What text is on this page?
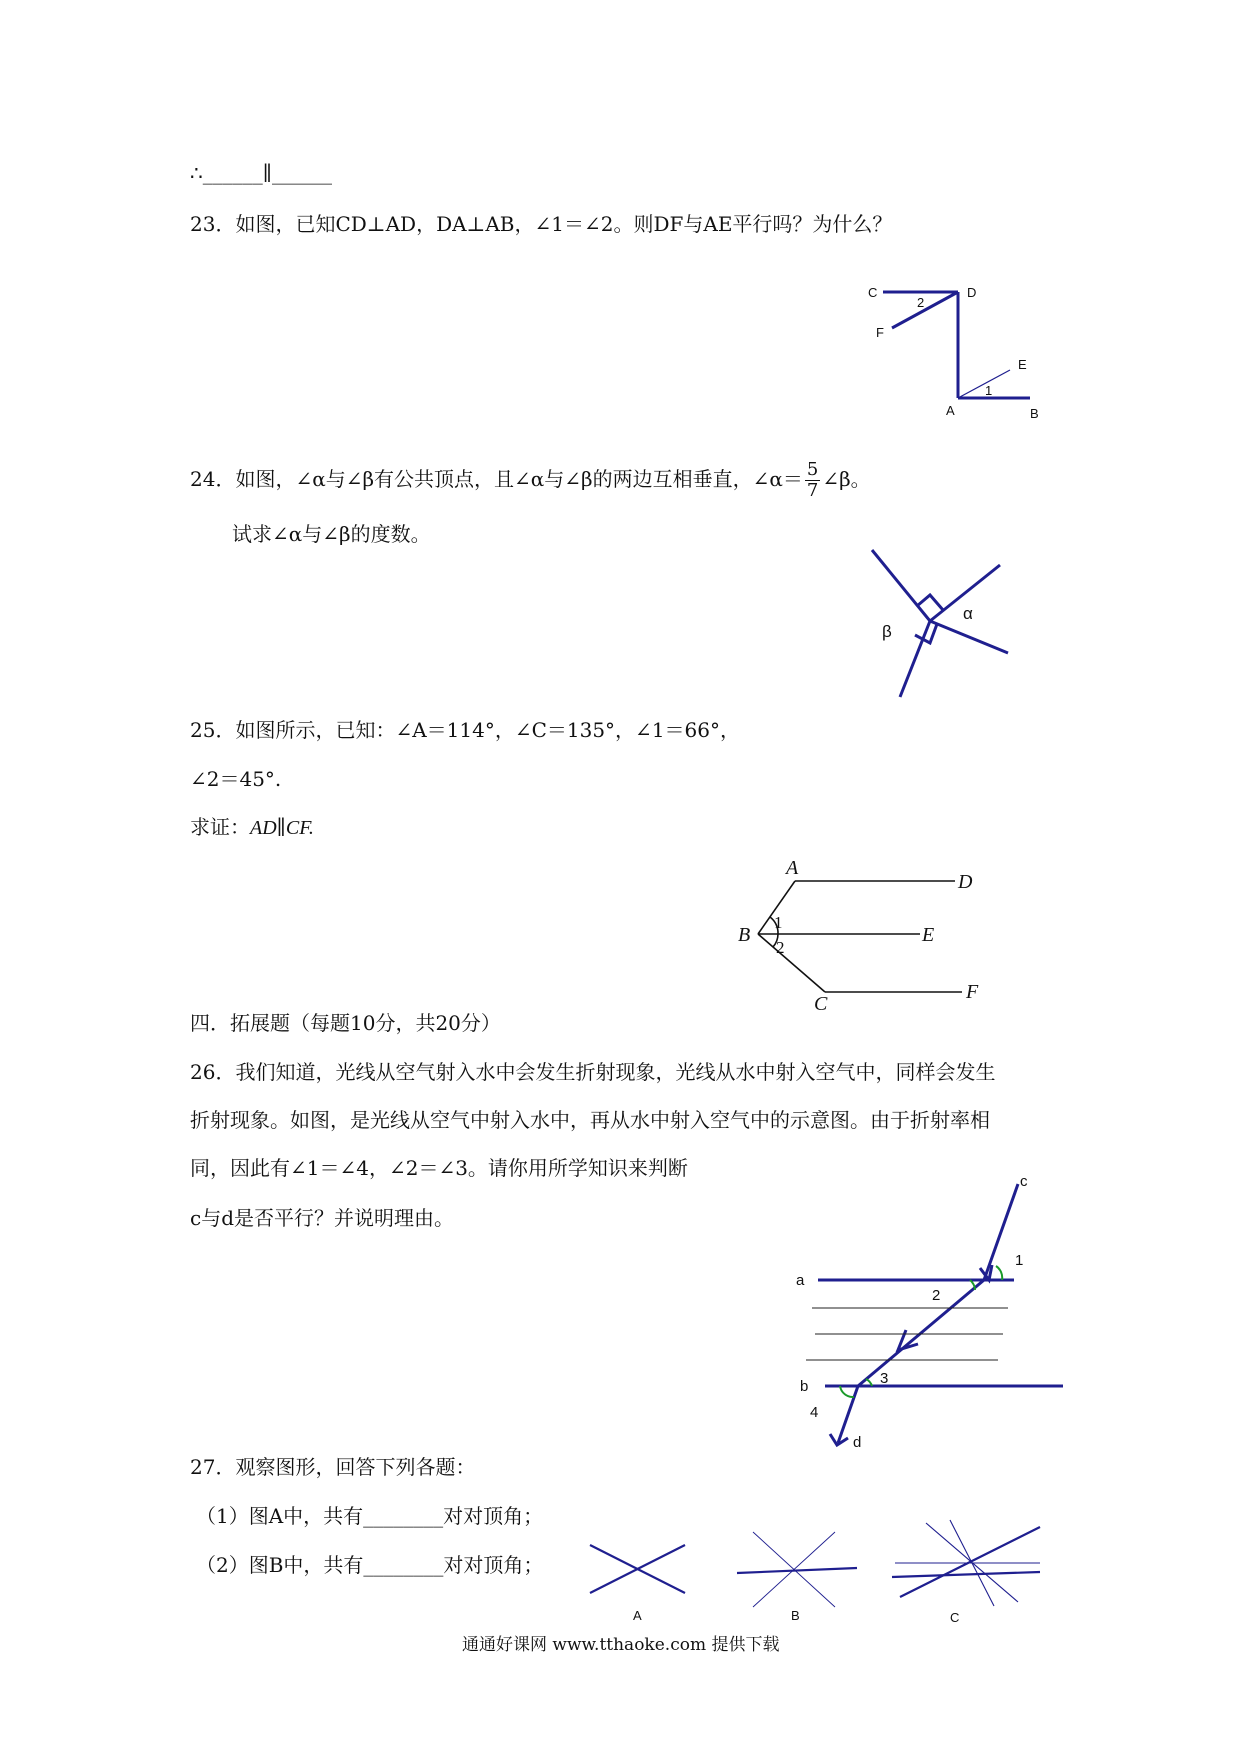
∴______∥______
23．如图，已知CD⊥AD，DA⊥AB，∠1＝∠2。则DF与AE平行吗？为什么？
C	D
F
E
A	B
2
1
24．如图，∠α与∠β有公共顶点，且∠α与∠β的两边互相垂直，∠α＝ $\frac{5}{7}$ ∠β。
试求∠α与∠β的度数。
β
α
25．如图所示，已知：∠A＝114°，∠C＝135°，∠1＝66°，
∠2＝45°.
求证：AD∥CF.
A
D
B	E
C
F
1
2
四．拓展题（每题10分，共20分）
26．我们知道，光线从空气射入水中会发生折射现象，光线从水中射入空气中，同样会发生
折射现象。如图，是光线从空气中射入水中，再从水中射入空气中的示意图。由于折射率相
同，因此有∠1＝∠4，∠2＝∠3。请你用所学知识来判断
c与d是否平行？并说明理由。
c
1
a
2
3
b
4
d
27．观察图形，回答下列各题：
（1）图A中，共有________对对顶角；
（2）图B中，共有________对对顶角；
A	B	C
通通好课网 www.tthaoke.com 提供下载
